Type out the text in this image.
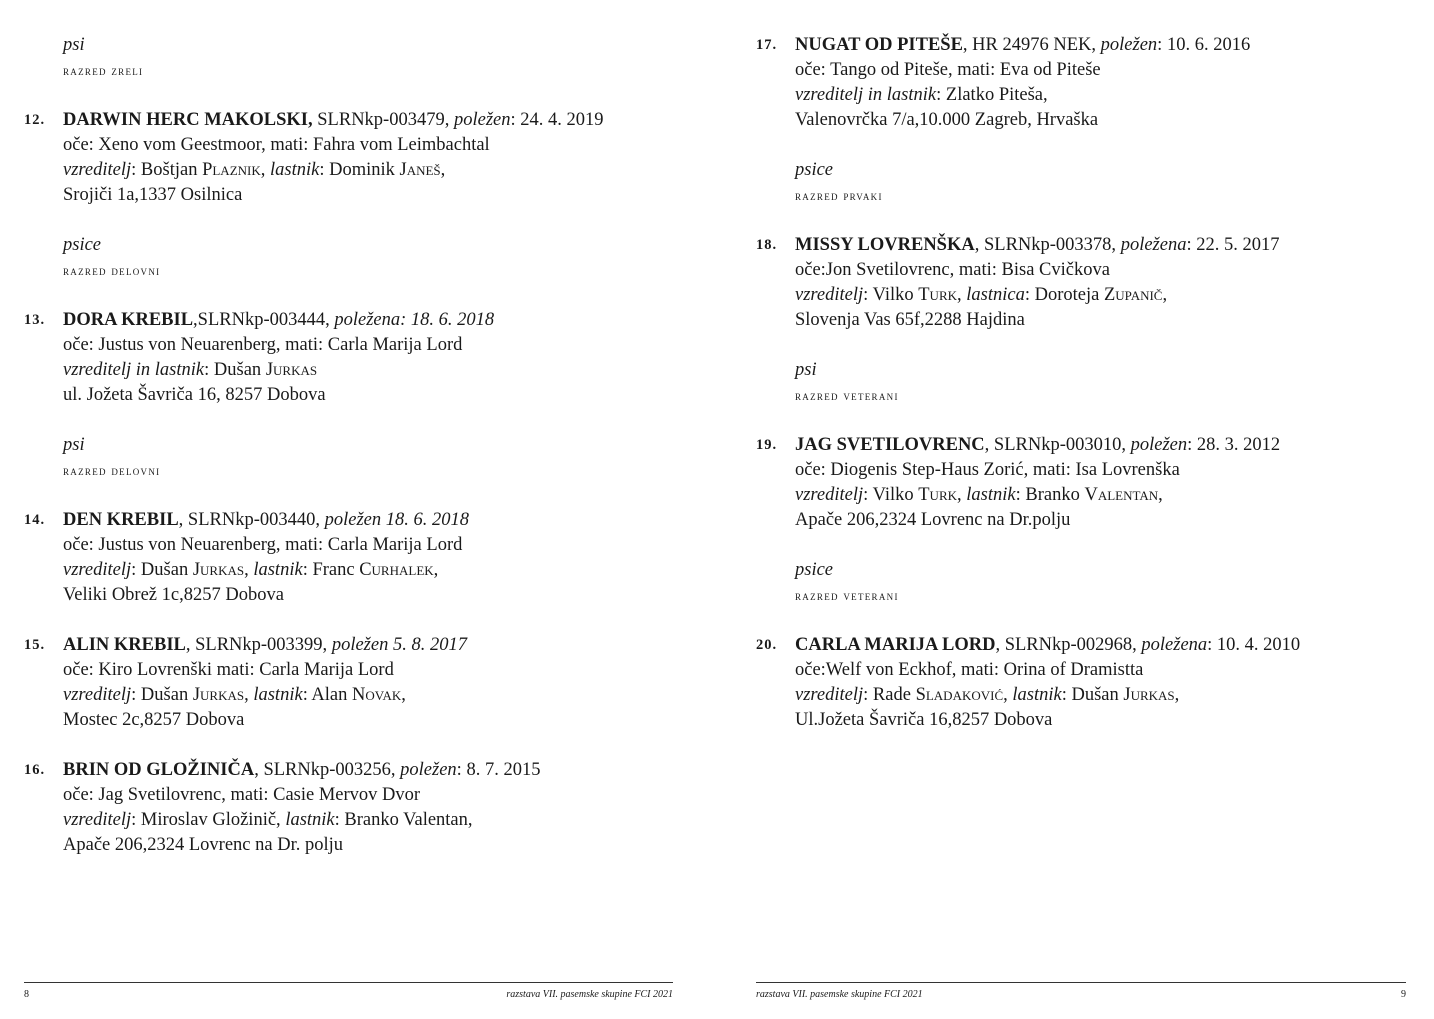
psi
razred zreli
12. DARWIN HERC MAKOLSKI, SLRNkp-003479, poležen: 24. 4. 2019
oče: Xeno vom Geestmoor, mati: Fahra vom Leimbachtal
vzreditelj: Boštjan Plaznik, lastnik: Dominik Janeš,
Srojiči 1a,1337 Osilnica
psice
razred delovni
13. DORA KREBIL,SLRNkp-003444, poležena: 18. 6. 2018
oče: Justus von Neuarenberg, mati: Carla Marija Lord
vzreditelj in lastnik: Dušan Jurkas
ul. Jožeta Šavriča 16, 8257 Dobova
psi
razred delovni
14. DEN KREBIL, SLRNkp-003440, poležen 18. 6. 2018
oče: Justus von Neuarenberg, mati: Carla Marija Lord
vzreditelj: Dušan Jurkas, lastnik: Franc Curhalek,
Veliki Obrež 1c,8257 Dobova
15. ALIN KREBIL, SLRNkp-003399, poležen 5. 8. 2017
oče: Kiro Lovrenški mati: Carla Marija Lord
vzreditelj: Dušan Jurkas, lastnik: Alan Novak,
Mostec 2c,8257 Dobova
16. BRIN OD GLOŽINIČA, SLRNkp-003256, poležen: 8. 7. 2015
oče: Jag Svetilovrenc, mati: Casie Mervov Dvor
vzreditelj: Miroslav Gložinič, lastnik: Branko Valentan,
Apače 206,2324 Lovrenc na Dr. polju
8	razstava VII. pasemske skupine FCI 2021
17. NUGAT OD PITEŠE, HR 24976 NEK, poležen: 10. 6. 2016
oče: Tango od Piteše, mati: Eva od Piteše
vzreditelj in lastnik: Zlatko Piteša,
Valenovrčka 7/a,10.000 Zagreb, Hrvaška
psice
razred prvaki
18. MISSY LOVRENŠKA, SLRNkp-003378, poležena: 22. 5. 2017
oče:Jon Svetilovrenc, mati: Bisa Cvičkova
vzreditelj: Vilko Turk, lastnica: Doroteja Zupanič,
Slovenja Vas 65f,2288 Hajdina
psi
razred veterani
19. JAG SVETILOVRENC, SLRNkp-003010, poležen: 28. 3. 2012
oče: Diogenis Step-Haus Zorić, mati: Isa Lovrenška
vzreditelj: Vilko Turk, lastnik: Branko Valentan,
Apače 206,2324 Lovrenc na Dr.polju
psice
razred veterani
20. CARLA MARIJA LORD, SLRNkp-002968, poležena: 10. 4. 2010
oče:Welf von Eckhof, mati: Orina of Dramistta
vzreditelj: Rade Sladaković, lastnik: Dušan Jurkas,
Ul.Jožeta Šavriča 16,8257 Dobova
razstava VII. pasemske skupine FCI 2021	9
